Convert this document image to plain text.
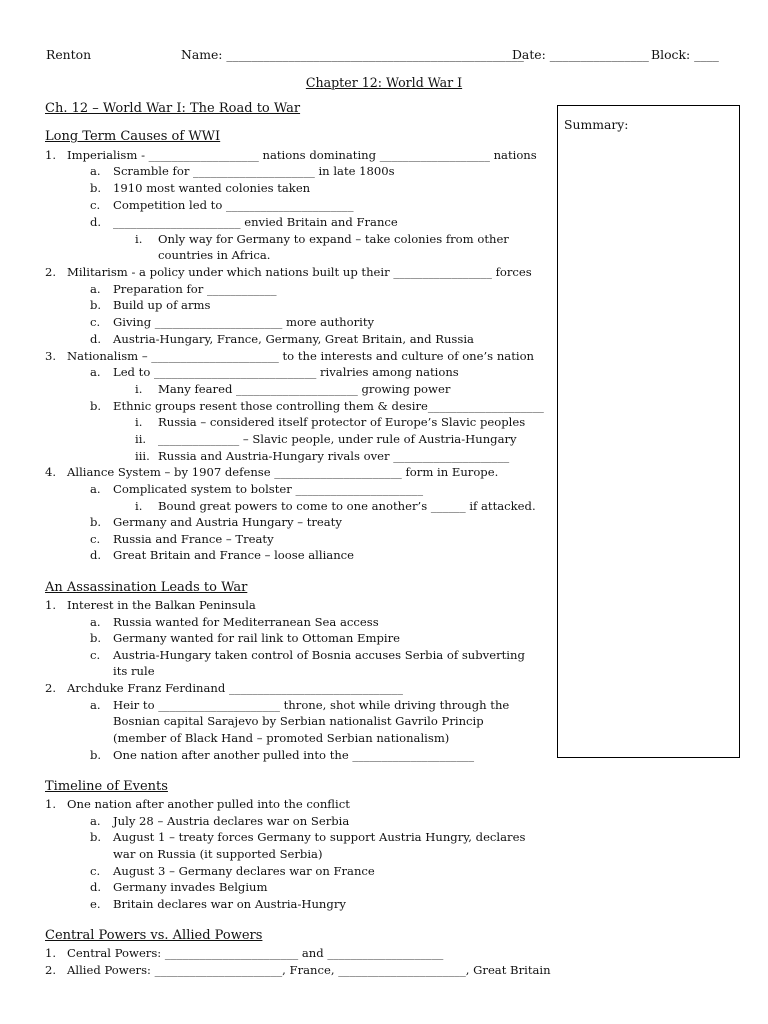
Renton	Name: ________________________________________________
Date: ________________ Block: ____
Chapter 12: World War I
Summary:
Ch. 12 – World War I: The Road to War
Long Term Causes of WWI
1. Imperialism - ___________________ nations dominating ___________________ nations
a. Scramble for _____________________ in late 1800s
b. 1910 most wanted colonies taken
c. Competition led to ______________________
d. ______________________ envied Britain and France
i. Only way for Germany to expand – take colonies from other
countries in Africa.
2. Militarism - a policy under which nations built up their _________________ forces
a. Preparation for ____________
b. Build up of arms
c. Giving ______________________ more authority
d. Austria-Hungary, France, Germany, Great Britain, and Russia
3. Nationalism – ______________________ to the interests and culture of one’s nation
a. Led to ____________________________ rivalries among nations
i. Many feared _____________________ growing power
b. Ethnic groups resent those controlling them & desire____________________
i. Russia – considered itself protector of Europe’s Slavic peoples
ii. ______________ – Slavic people, under rule of Austria-Hungary
iii. Russia and Austria-Hungary rivals over ____________________
4. Alliance System – by 1907 defense ______________________ form in Europe.
a. Complicated system to bolster ______________________
i. Bound great powers to come to one another’s ______ if attacked.
b. Germany and Austria Hungary – treaty
c. Russia and France – Treaty
d. Great Britain and France – loose alliance
An Assassination Leads to War
1. Interest in the Balkan Peninsula
a. Russia wanted for Mediterranean Sea access
b. Germany wanted for rail link to Ottoman Empire
c. Austria-Hungary taken control of Bosnia accuses Serbia of subverting
its rule
2. Archduke Franz Ferdinand ______________________________
a. Heir to _____________________ throne, shot while driving through the
Bosnian capital Sarajevo by Serbian nationalist Gavrilo Princip
(member of Black Hand – promoted Serbian nationalism)
b. One nation after another pulled into the _____________________
Timeline of Events
1. One nation after another pulled into the conflict
a. July 28 – Austria declares war on Serbia
b. August 1 – treaty forces Germany to support Austria Hungry, declares
war on Russia (it supported Serbia)
c. August 3 – Germany declares war on France
d. Germany invades Belgium
e. Britain declares war on Austria-Hungry
Central Powers vs. Allied Powers
1. Central Powers: _______________________ and ____________________
2. Allied Powers: ______________________, France, ______________________, Great Britain
